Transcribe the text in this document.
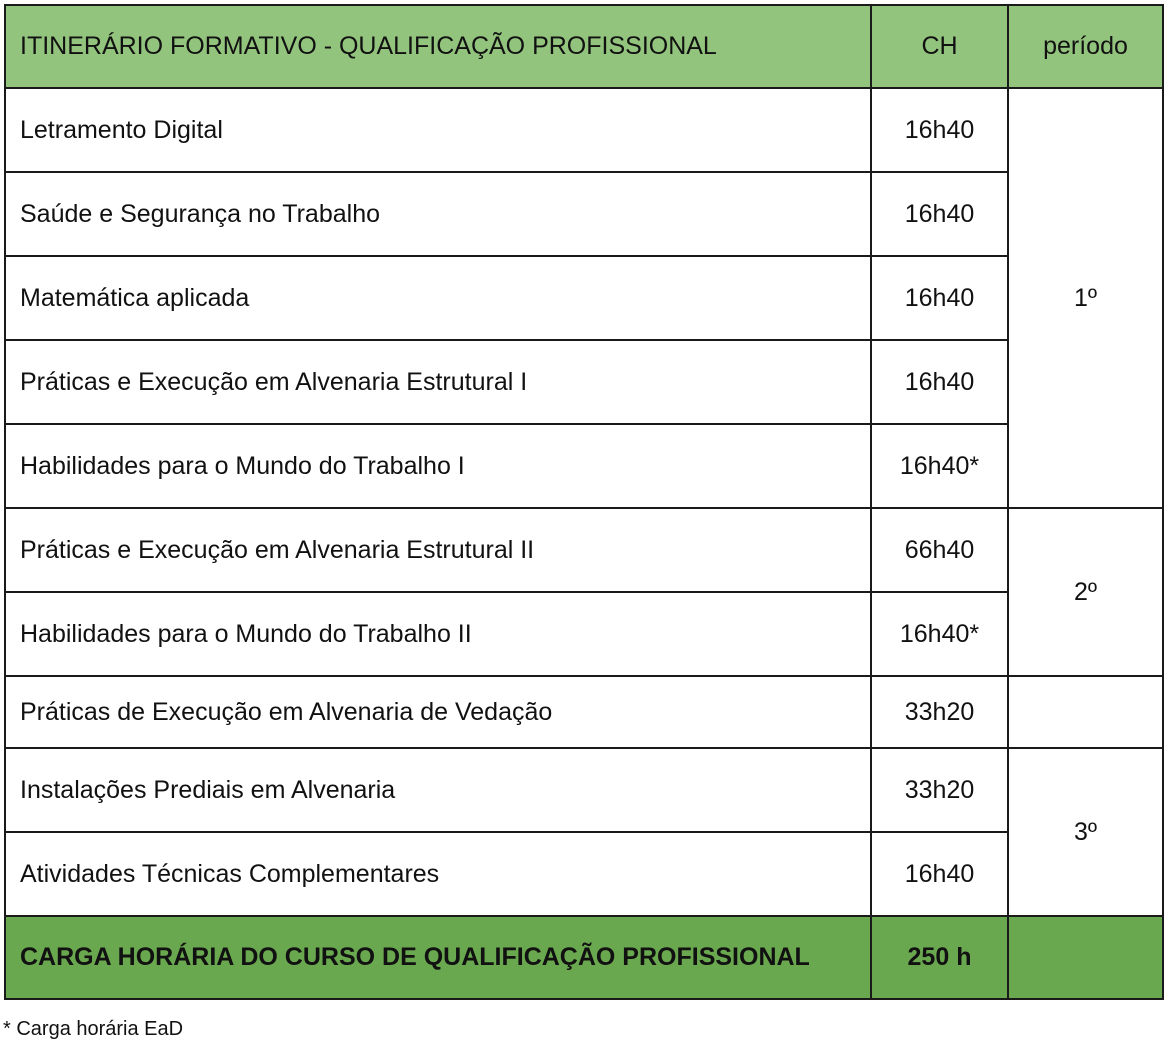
ITINERÁRIO FORMATIVO - QUALIFICAÇÃO PROFISSIONAL	CH	período
Letramento Digital	16h40	1º
Saúde e Segurança no Trabalho	16h40	
Matemática aplicada	16h40	
Práticas e Execução em Alvenaria Estrutural I	16h40	
Habilidades para o Mundo do Trabalho I	16h40*	
Práticas e Execução em Alvenaria Estrutural II	66h40	2º
Habilidades para o Mundo do Trabalho II	16h40*	
Práticas de Execução em Alvenaria de Vedação	33h20	
Instalações Prediais em Alvenaria	33h20	3º
Atividades Técnicas Complementares	16h40	
CARGA HORÁRIA DO CURSO DE QUALIFICAÇÃO PROFISSIONAL	250 h	
* Carga horária EaD
